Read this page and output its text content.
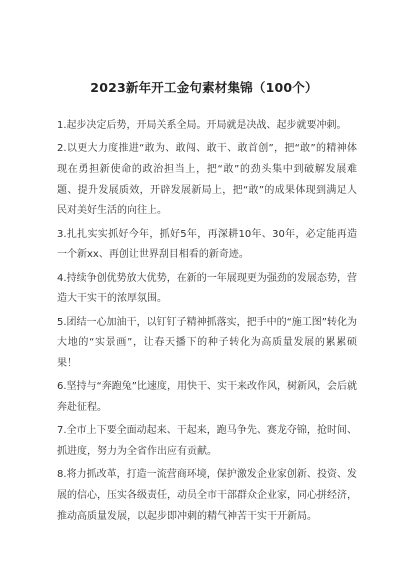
2023新年开工金句素材集锦（100个）
1.起步决定后势，开局关系全局。开局就是决战、起步就要冲刺。
2.以更大力度推进“敢为、敢闯、敢干、敢首创”，把“敢”的精神体现在勇担新使命的政治担当上，把“敢”的劲头集中到破解发展难题、提升发展质效，开辟发展新局上，把“敢”的成果体现到满足人民对美好生活的向往上。
3.扎扎实实抓好今年，抓好5年，再深耕10年、30年，必定能再造一个新xx、再创让世界刮目相看的新奇迹。
4.持续争创优势放大优势，在新的一年展现更为强劲的发展态势，营造大干实干的浓厚氛围。
5.团结一心加油干，以钉钉子精神抓落实，把手中的“施工图”转化为大地的“实景画”，让春天播下的种子转化为高质量发展的累累硕果！
6.坚持与“奔跑兔”比速度，用快干、实干来改作风，树新风，会后就奔赴征程。
7.全市上下要全面动起来、干起来，跑马争先、赛龙夺锦，抢时间、抓进度，努力为全省作出应有贡献。
8.将力抓改革，打造一流营商环境，保护激发企业家创新、投资、发展的信心，压实各级责任，动员全市干部群众企业家，同心拼经济，推动高质量发展，以起步即冲刺的精气神苦干实干开新局。
